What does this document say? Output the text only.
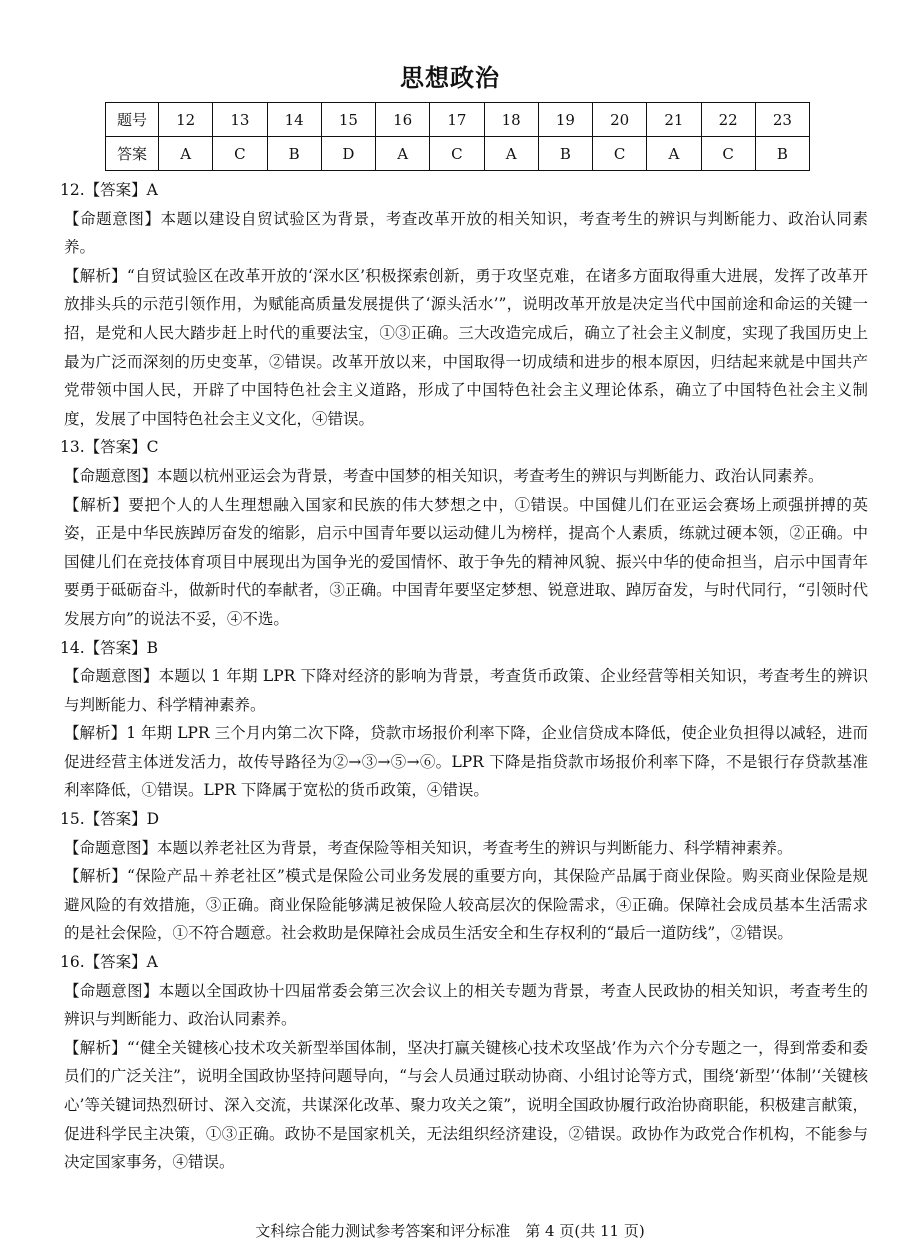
思想政治
题号	12	13	14	15	16	17	18	19	20	21	22	23
答案	A	C	B	D	A	C	A	B	C	A	C	B

12.【答案】A

【命题意图】本题以建设自贸试验区为背景，考查改革开放的相关知识，考查考生的辨识与判断能力、政治认同素养。

【解析】“自贸试验区在改革开放的‘深水区’积极探索创新，勇于攻坚克难，在诸多方面取得重大进展，发挥了改革开放排头兵的示范引领作用，为赋能高质量发展提供了‘源头活水’”，说明改革开放是决定当代中国前途和命运的关键一招，是党和人民大踏步赶上时代的重要法宝，①③正确。三大改造完成后，确立了社会主义制度，实现了我国历史上最为广泛而深刻的历史变革，②错误。改革开放以来，中国取得一切成绩和进步的根本原因，归结起来就是中国共产党带领中国人民，开辟了中国特色社会主义道路，形成了中国特色社会主义理论体系，确立了中国特色社会主义制度，发展了中国特色社会主义文化，④错误。

13.【答案】C

【命题意图】本题以杭州亚运会为背景，考查中国梦的相关知识，考查考生的辨识与判断能力、政治认同素养。

【解析】要把个人的人生理想融入国家和民族的伟大梦想之中，①错误。中国健儿们在亚运会赛场上顽强拼搏的英姿，正是中华民族踔厉奋发的缩影，启示中国青年要以运动健儿为榜样，提高个人素质，练就过硬本领，②正确。中国健儿们在竞技体育项目中展现出为国争光的爱国情怀、敢于争先的精神风貌、振兴中华的使命担当，启示中国青年要勇于砥砺奋斗，做新时代的奉献者，③正确。中国青年要坚定梦想、锐意进取、踔厉奋发，与时代同行，“引领时代发展方向”的说法不妥，④不选。

14.【答案】B

【命题意图】本题以 1 年期 LPR 下降对经济的影响为背景，考查货币政策、企业经营等相关知识，考查考生的辨识与判断能力、科学精神素养。

【解析】1 年期 LPR 三个月内第二次下降，贷款市场报价利率下降，企业信贷成本降低，使企业负担得以减轻，进而促进经营主体迸发活力，故传导路径为②→③→⑤→⑥。LPR 下降是指贷款市场报价利率下降，不是银行存贷款基准利率降低，①错误。LPR 下降属于宽松的货币政策，④错误。

15.【答案】D

【命题意图】本题以养老社区为背景，考查保险等相关知识，考查考生的辨识与判断能力、科学精神素养。

【解析】“保险产品＋养老社区”模式是保险公司业务发展的重要方向，其保险产品属于商业保险。购买商业保险是规避风险的有效措施，③正确。商业保险能够满足被保险人较高层次的保险需求，④正确。保障社会成员基本生活需求的是社会保险，①不符合题意。社会救助是保障社会成员生活安全和生存权利的“最后一道防线”，②错误。

16.【答案】A

【命题意图】本题以全国政协十四届常委会第三次会议上的相关专题为背景，考查人民政协的相关知识，考查考生的辨识与判断能力、政治认同素养。

【解析】“‘健全关键核心技术攻关新型举国体制，坚决打赢关键核心技术攻坚战’作为六个分专题之一，得到常委和委员们的广泛关注”，说明全国政协坚持问题导向，“与会人员通过联动协商、小组讨论等方式，围绕‘新型’‘体制’‘关键核心’等关键词热烈研讨、深入交流，共谋深化改革、聚力攻关之策”，说明全国政协履行政治协商职能，积极建言献策，促进科学民主决策，①③正确。政协不是国家机关，无法组织经济建设，②错误。政协作为政党合作机构，不能参与决定国家事务，④错误。

文科综合能力测试参考答案和评分标准　第 4 页(共 11 页)
